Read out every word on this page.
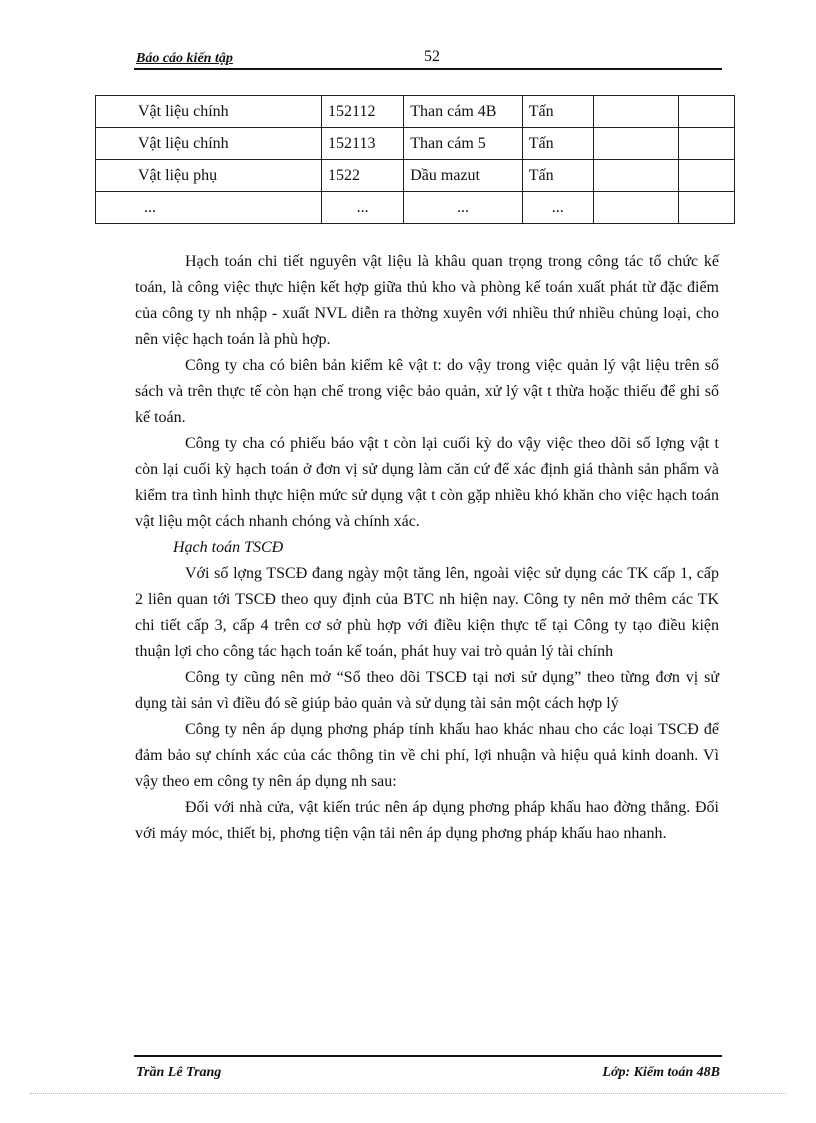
Báo cáo kiến tập	52
Vật liệu chính	152112	Than cám 4B	Tấn		
Vật liệu chính	152113	Than cám 5	Tấn		
Vật liệu phụ	1522	Dầu mazut	Tấn		
...	...	...	...		

Hạch toán chi tiết nguyên vật liệu là khâu quan trọng trong công tác tổ chức kế toán, là công việc thực hiện kết hợp giữa thủ kho và phòng kế toán xuất phát từ đặc điểm của công ty nh nhập - xuất NVL diễn ra thờng xuyên với nhiều thứ nhiều chủng loại, cho nên việc hạch toán là phù hợp.

Công ty cha có biên bản kiểm kê vật t: do vậy trong việc quản lý vật liệu trên sổ sách và trên thực tế còn hạn chế trong việc bảo quản, xử lý vật t thừa hoặc thiếu để ghi sổ kế toán.

Công ty cha có phiếu báo vật t còn lại cuối kỳ do vậy việc theo dõi số lợng vật t còn lại cuối kỳ hạch toán ở đơn vị sử dụng làm căn cứ để xác định giá thành sản phẩm và kiểm tra tình hình thực hiện mức sử dụng vật t còn gặp nhiều khó khăn cho việc hạch toán vật liệu một cách nhanh chóng và chính xác.

Hạch toán TSCĐ

Với số lợng TSCĐ đang ngày một tăng lên, ngoài việc sử dụng các TK cấp 1, cấp 2 liên quan tới TSCĐ theo quy định của BTC nh hiện nay. Công ty nên mở thêm các TK chi tiết cấp 3, cấp 4 trên cơ sở phù hợp với điều kiện thực tế tại Công ty tạo điều kiện thuận lợi cho công tác hạch toán kế toán, phát huy vai trò quản lý tài chính

Công ty cũng nên mở “Sổ theo dõi TSCĐ tại nơi sử dụng” theo từng đơn vị sử dụng tài sản vì điều đó sẽ giúp bảo quản và sử dụng tài sản một cách hợp lý

Công ty nên áp dụng phơng pháp tính khấu hao khác nhau cho các loại TSCĐ để đảm bảo sự chính xác của các thông tin về chi phí, lợi nhuận và hiệu quả kinh doanh. Vì vậy theo em công ty nên áp dụng nh sau:

Đối với nhà cửa, vật kiến trúc nên áp dụng phơng pháp khấu hao đờng thẳng. Đối với máy móc, thiết bị, phơng tiện vận tải nên áp dụng phơng pháp khấu hao nhanh.

Trần Lê Trang	Lớp: Kiểm toán 48B
